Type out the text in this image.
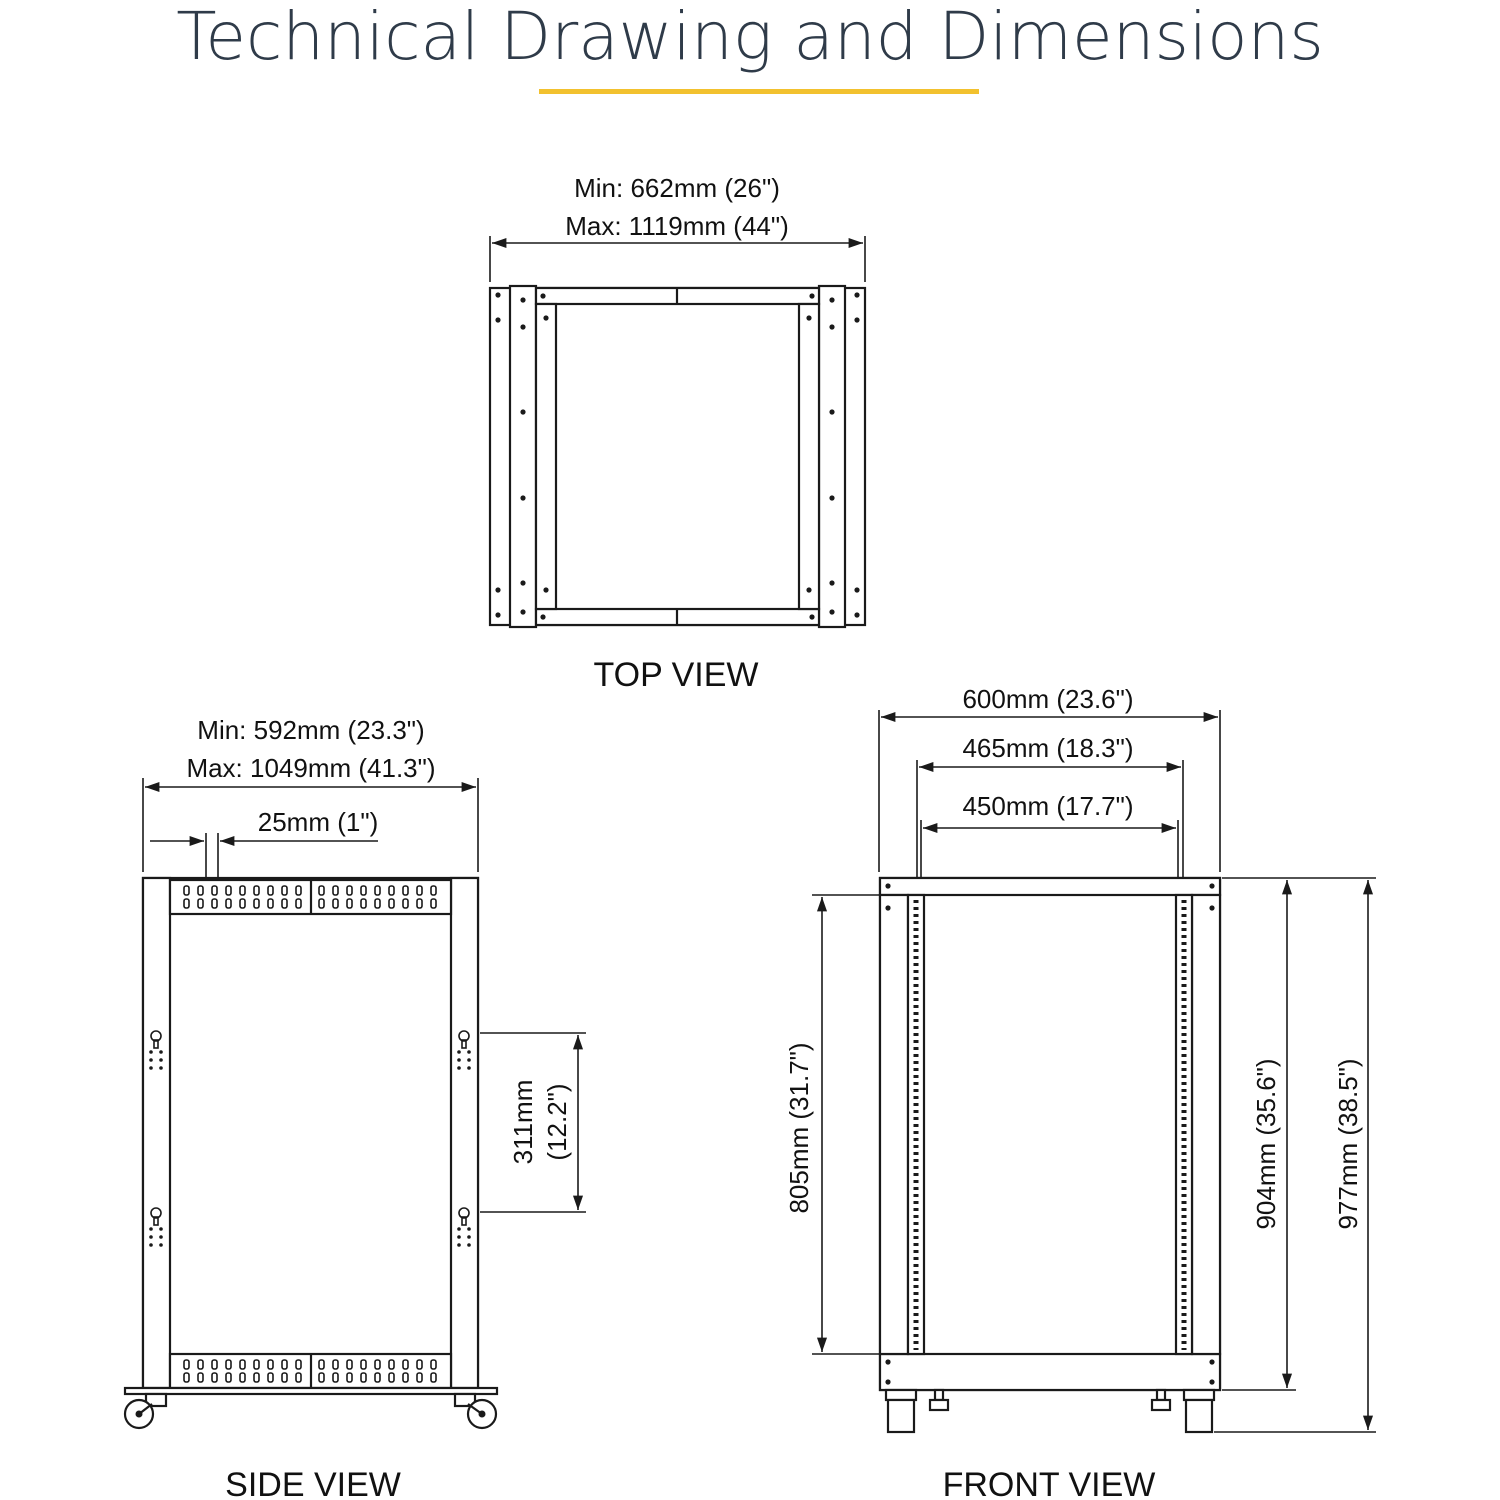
Technical Drawing and Dimensions
Min: 662mm (26")
Max: 1119mm (44")
TOP VIEW
Min: 592mm (23.3")
Max: 1049mm (41.3")
25mm (1")
311mm (12.2")
SIDE VIEW
600mm (23.6")
465mm (18.3")
450mm (17.7")
805mm (31.7")	904mm (35.6") 977mm (38.5")
FRONT VIEW
